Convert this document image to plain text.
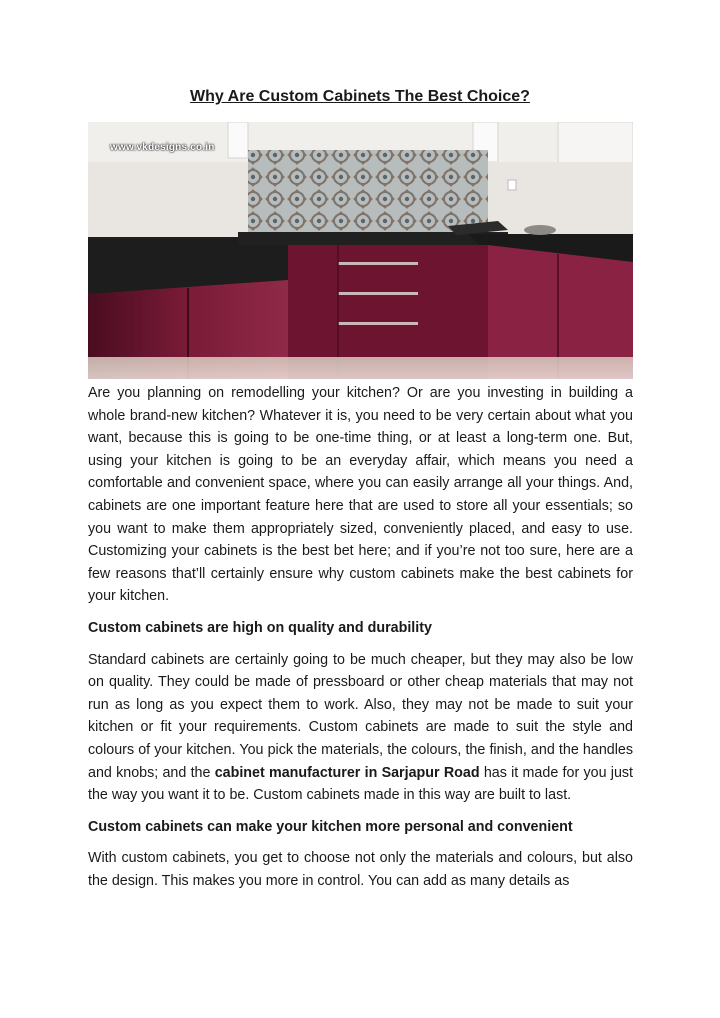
Why Are Custom Cabinets The Best Choice?
www.vkdesigns.co.in

Are you planning on remodelling your kitchen? Or are you investing in building a whole brand-new kitchen? Whatever it is, you need to be very certain about what you want, because this is going to be one-time thing, or at least a long-term one. But, using your kitchen is going to be an everyday affair, which means you need a comfortable and convenient space, where you can easily arrange all your things. And, cabinets are one important feature here that are used to store all your essentials; so you want to make them appropriately sized, conveniently placed, and easy to use. Customizing your cabinets is the best bet here; and if you’re not too sure, here are a few reasons that’ll certainly ensure why custom cabinets make the best cabinets for your kitchen.

Custom cabinets are high on quality and durability

Standard cabinets are certainly going to be much cheaper, but they may also be low on quality. They could be made of pressboard or other cheap materials that may not run as long as you expect them to work. Also, they may not be made to suit your kitchen or fit your requirements. Custom cabinets are made to suit the style and colours of your kitchen. You pick the materials, the colours, the finish, and the handles and knobs; and the cabinet manufacturer in Sarjapur Road has it made for you just the way you want it to be. Custom cabinets made in this way are built to last.

Custom cabinets can make your kitchen more personal and convenient

With custom cabinets, you get to choose not only the materials and colours, but also the design. This makes you more in control. You can add as many details as
